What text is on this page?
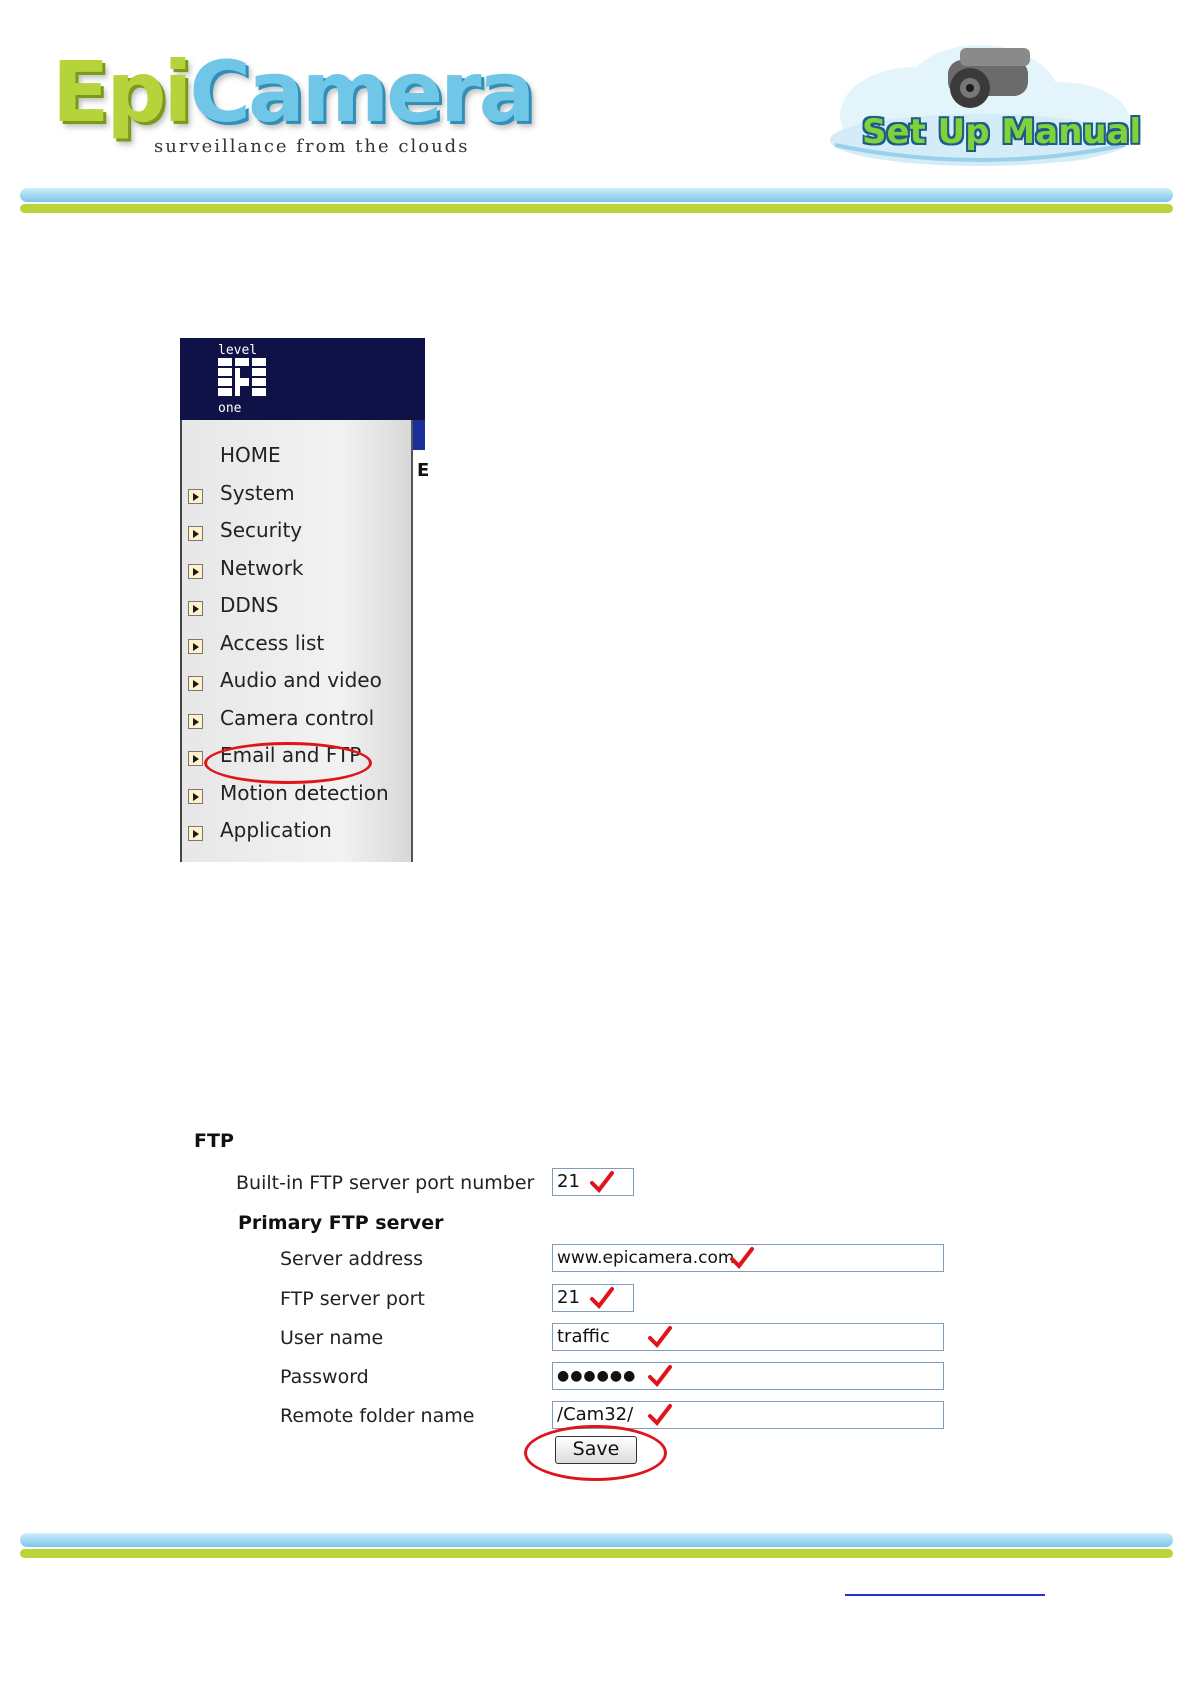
EpiCamera
surveillance from the clouds	Set Up Manual
level
one
E
HOME
System
Security
Network
DDNS
Access list
Audio and video
Camera control
Email and FTP
Motion detection
Application
FTP
Built-in FTP server port number 21
Primary FTP server
Server address	www.epicamera.com
FTP server port	21
User name	traffic
Password	●●●●●●
Remote folder name	/Cam32/
Save
